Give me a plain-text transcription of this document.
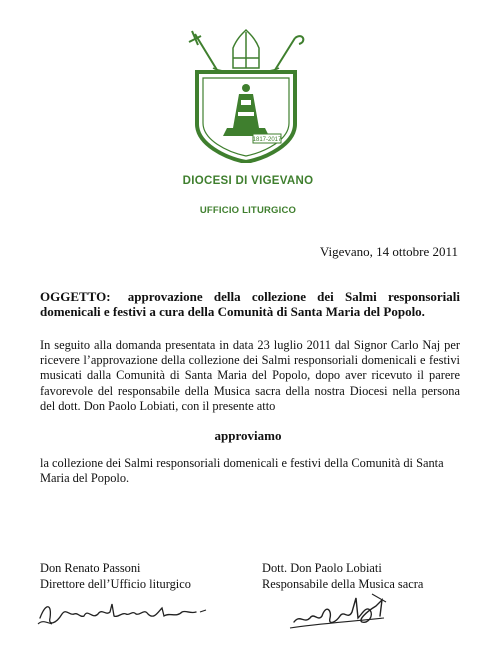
1817-2017
DIOCESI DI VIGEVANO
UFFICIO LITURGICO
Vigevano, 14 ottobre 2011
OGGETTO: approvazione della collezione dei Salmi responsoriali domenicali e festivi a cura della Comunità di Santa Maria del Popolo.
In seguito alla domanda presentata in data 23 luglio 2011 dal Signor Carlo Naj per ricevere l’approvazione della collezione dei Salmi responsoriali domenicali e festivi musicati dalla Comunità di Santa Maria del Popolo, dopo aver ricevuto il parere favorevole del responsabile della Musica sacra della nostra Diocesi nella persona del dott. Don Paolo Lobiati, con il presente atto
approviamo
la collezione dei Salmi responsoriali domenicali e festivi della Comunità di Santa Maria del Popolo.
Don Renato Passoni
Direttore dell’Ufficio liturgico
Dott. Don Paolo Lobiati
Responsabile della Musica sacra
